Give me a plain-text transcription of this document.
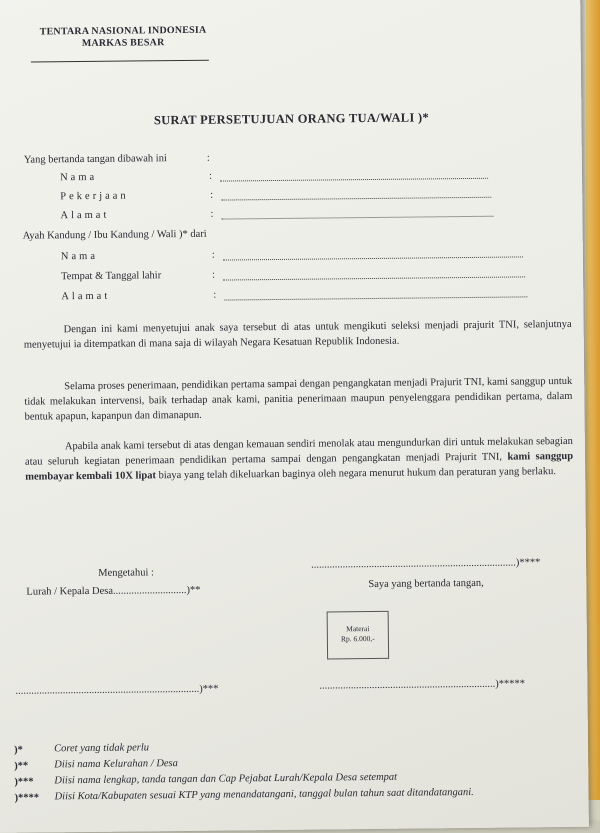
TENTARA NASIONAL INDONESIA
MARKAS BESAR
SURAT PERSETUJUAN ORANG TUA/WALI )*
Yang bertanda tangan dibawah ini	:
Nama	:
Pekerjaan	:
Alamat	:
Ayah Kandung / Ibu Kandung / Wali )* dari
Nama	:
Tempat & Tanggal lahir	:
Alamat	:
Dengan ini kami menyetujui anak saya tersebut di atas untuk mengikuti seleksi menjadi prajurit TNI, selanjutnya menyetujui ia ditempatkan di mana saja di wilayah Negara Kesatuan Republik Indonesia.
Selama proses penerimaan, pendidikan pertama sampai dengan pengangkatan menjadi Prajurit TNI, kami sanggup untuk tidak melakukan intervensi, baik terhadap anak kami, panitia penerimaan maupun penyelenggara pendidikan pertama, dalam bentuk apapun, kapanpun dan dimanapun.
Apabila anak kami tersebut di atas dengan kemauan sendiri menolak atau mengundurkan diri untuk melakukan sebagian atau seluruh kegiatan penerimaan pendidikan pertama sampai dengan pengangkatan menjadi Prajurit TNI, kami sanggup membayar kembali 10X lipat biaya yang telah dikeluarkan baginya oleh negara menurut hukum dan peraturan yang berlaku.
Mengetahui :
..............................................................................)****
Lurah / Kepala Desa............................)**
Saya yang bertanda tangan,
Materai
Rp. 6.000,-
......................................................................)***	...................................................................)*****
)*	Coret yang tidak perlu
)** Diisi nama Kelurahan / Desa
)*** Diisi nama lengkap, tanda tangan dan Cap Pejabat Lurah/Kepala Desa setempat
)**** Diisi Kota/Kabupaten sesuai KTP yang menandatangani, tanggal bulan tahun saat ditandatangani.
